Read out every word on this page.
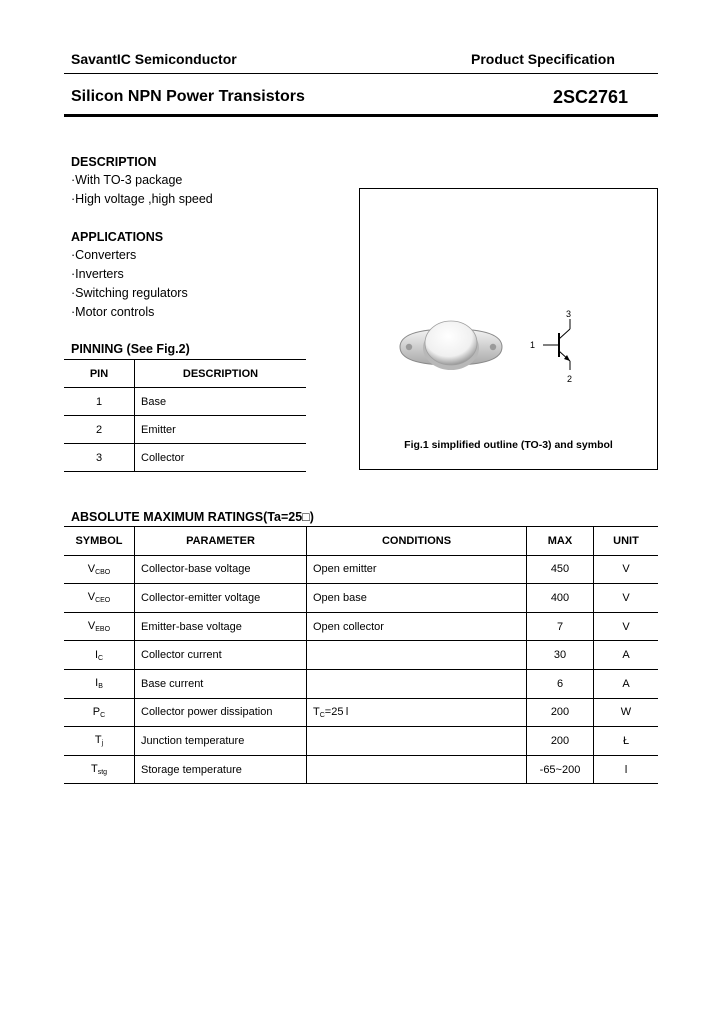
SavantIC Semiconductor	Product Specification
Silicon NPN Power Transistors	2SC2761
DESCRIPTION
·With TO-3 package
·High voltage ,high speed
APPLICATIONS
·Converters
·Inverters
·Switching regulators
·Motor controls
PINNING (See Fig.2)
PIN	DESCRIPTION
1	Base
2	Emitter
3	Collector
3
1
2
Fig.1 simplified outline (TO-3) and symbol
ABSOLUTE MAXIMUM RATINGS(Ta=25□)
SYMBOL	PARAMETER	CONDITIONS	MAX	UNIT
$V_{CBO}$	Collector-base voltage	Open emitter	450	V
$V_{CEO}$	Collector-emitter voltage	Open base	400	V
$V_{EBO}$	Emitter-base voltage	Open collector	7	V
$I_C$	Collector current		30	A
$I_B$	Base current		6	A
$P_C$	Collector power dissipation	$T_C=25$ ǀ	200	W
$T_j$	Junction temperature		200	Ł
$T_{stg}$	Storage temperature		-65~200	ǀ
